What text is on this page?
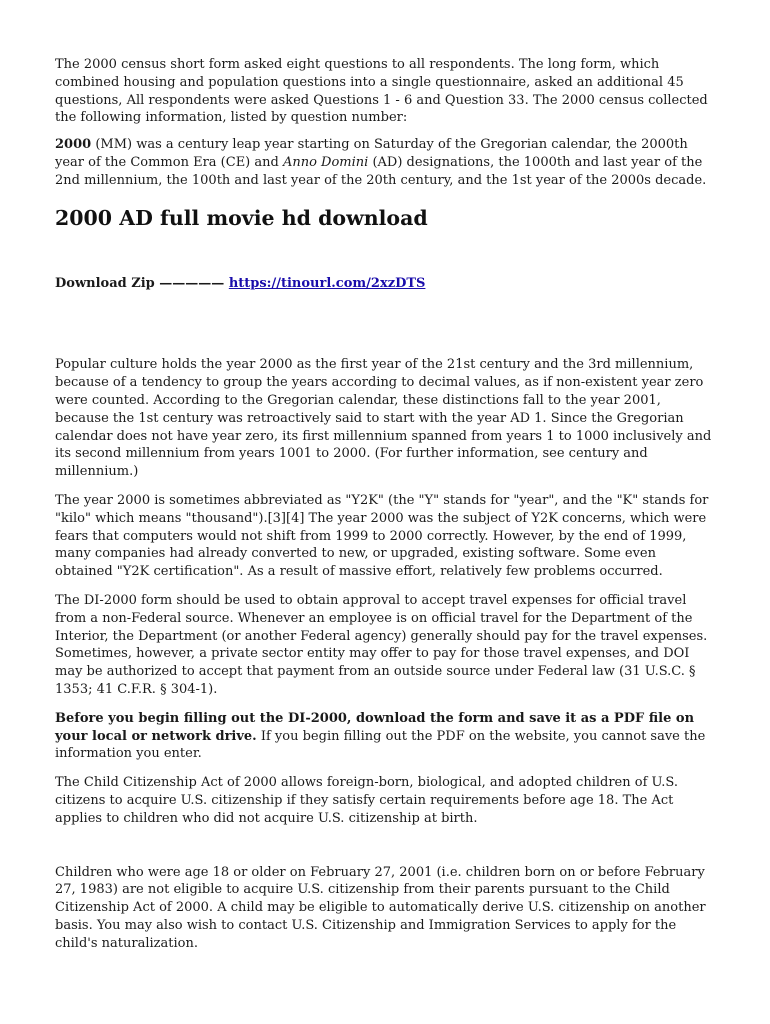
The 2000 census short form asked eight questions to all respondents. The long form, which combined housing and population questions into a single questionnaire, asked an additional 45 questions, All respondents were asked Questions 1 - 6 and Question 33. The 2000 census collected the following information, listed by question number:

2000 (MM) was a century leap year starting on Saturday of the Gregorian calendar, the 2000th year of the Common Era (CE) and Anno Domini (AD) designations, the 1000th and last year of the 2nd millennium, the 100th and last year of the 20th century, and the 1st year of the 2000s decade.

2000 AD full movie hd download

Download Zip ————— https://tinourl.com/2xzDTS

Popular culture holds the year 2000 as the first year of the 21st century and the 3rd millennium, because of a tendency to group the years according to decimal values, as if non-existent year zero were counted. According to the Gregorian calendar, these distinctions fall to the year 2001, because the 1st century was retroactively said to start with the year AD 1. Since the Gregorian calendar does not have year zero, its first millennium spanned from years 1 to 1000 inclusively and its second millennium from years 1001 to 2000. (For further information, see century and millennium.)

The year 2000 is sometimes abbreviated as "Y2K" (the "Y" stands for "year", and the "K" stands for "kilo" which means "thousand").[3][4] The year 2000 was the subject of Y2K concerns, which were fears that computers would not shift from 1999 to 2000 correctly. However, by the end of 1999, many companies had already converted to new, or upgraded, existing software. Some even obtained "Y2K certification". As a result of massive effort, relatively few problems occurred.

The DI-2000 form should be used to obtain approval to accept travel expenses for official travel from a non-Federal source. Whenever an employee is on official travel for the Department of the Interior, the Department (or another Federal agency) generally should pay for the travel expenses. Sometimes, however, a private sector entity may offer to pay for those travel expenses, and DOI may be authorized to accept that payment from an outside source under Federal law (31 U.S.C. § 1353; 41 C.F.R. § 304-1).

Before you begin filling out the DI-2000, download the form and save it as a PDF file on your local or network drive. If you begin filling out the PDF on the website, you cannot save the information you enter.

The Child Citizenship Act of 2000 allows foreign-born, biological, and adopted children of U.S. citizens to acquire U.S. citizenship if they satisfy certain requirements before age 18. The Act applies to children who did not acquire U.S. citizenship at birth.

Children who were age 18 or older on February 27, 2001 (i.e. children born on or before February 27, 1983) are not eligible to acquire U.S. citizenship from their parents pursuant to the Child Citizenship Act of 2000. A child may be eligible to automatically derive U.S. citizenship on another basis. You may also wish to contact U.S. Citizenship and Immigration Services to apply for the child's naturalization.
